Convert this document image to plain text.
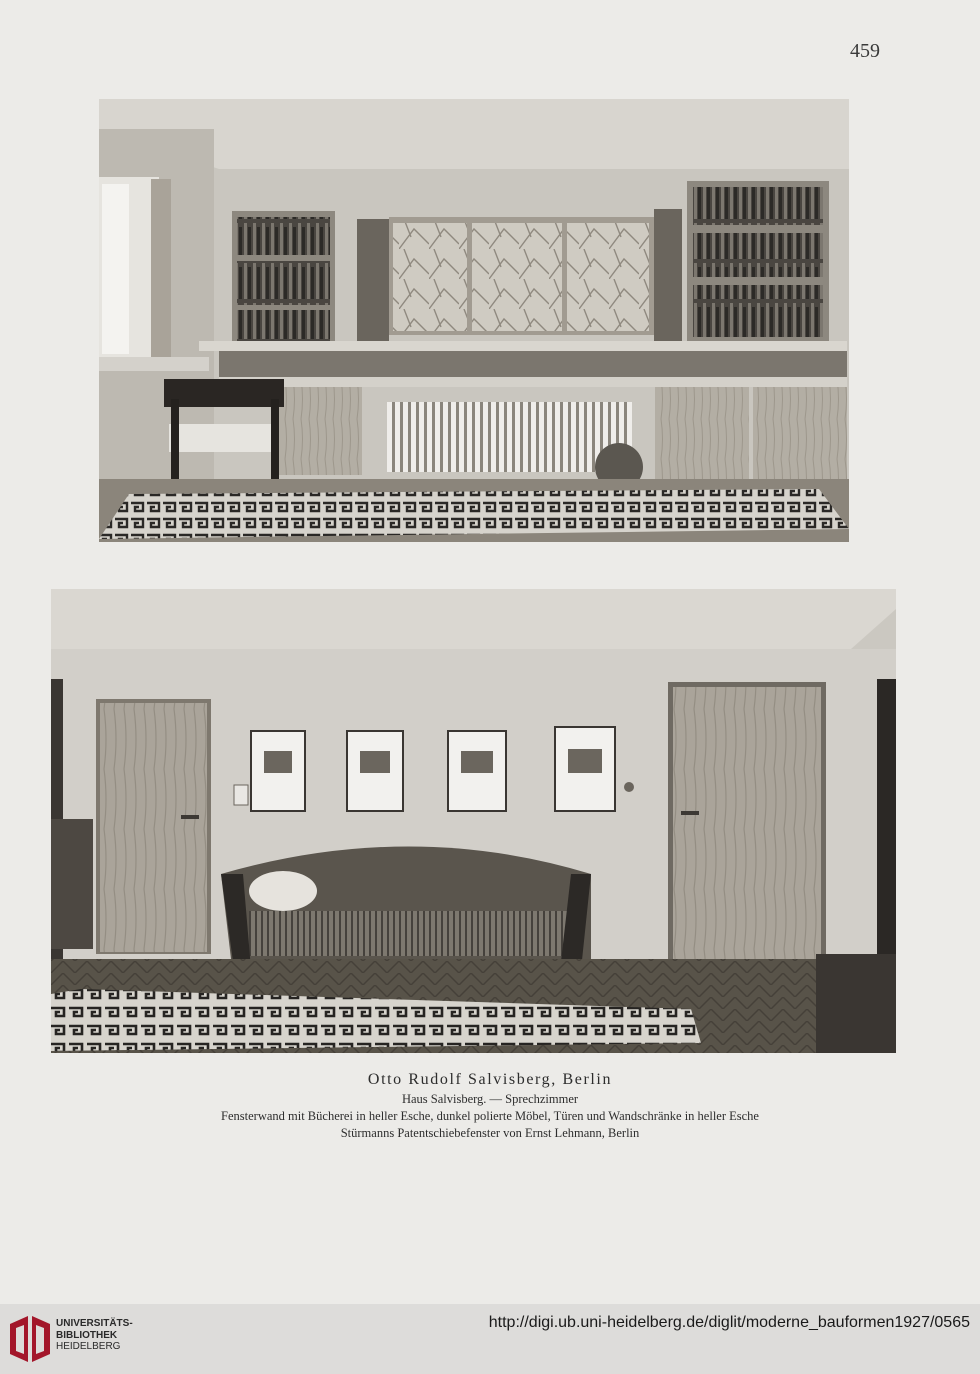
459
Otto Rudolf Salvisberg, Berlin
Haus Salvisberg. — Sprechzimmer
Fensterwand mit Bücherei in heller Esche, dunkel polierte Möbel, Türen und Wandschränke in heller Esche
Stürmanns Patentschiebefenster von Ernst Lehmann, Berlin
UNIVERSITÄTS-
BIBLIOTHEK
HEIDELBERG
http://digi.ub.uni-heidelberg.de/diglit/moderne_bauformen1927/0565
